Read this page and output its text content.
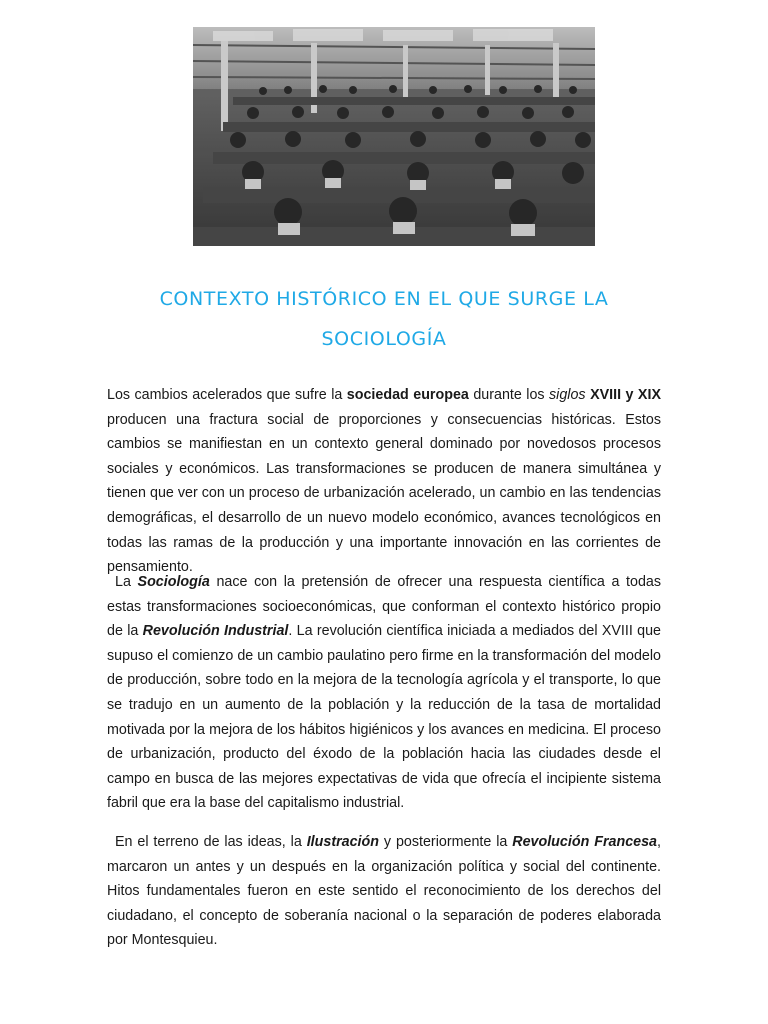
CONTEXTO HISTÓRICO EN EL QUE SURGE LA
SOCIOLOGÍA

Los cambios acelerados que sufre la sociedad europea durante los siglos XVIII y XIX producen una fractura social de proporciones y consecuencias históricas. Estos cambios se manifiestan en un contexto general dominado por novedosos procesos sociales y económicos. Las transformaciones se producen de manera simultánea y tienen que ver con un proceso de urbanización acelerado, un cambio en las tendencias demográficas, el desarrollo de un nuevo modelo económico, avances tecnológicos en todas las ramas de la producción y una importante innovación en las corrientes de pensamiento.

La Sociología nace con la pretensión de ofrecer una respuesta científica a todas estas transformaciones socioeconómicas, que conforman el contexto histórico propio de la Revolución Industrial. La revolución científica iniciada a mediados del XVIII que supuso el comienzo de un cambio paulatino pero firme en la transformación del modelo de producción, sobre todo en la mejora de la tecnología agrícola y el transporte, lo que se tradujo en un aumento de la población y la reducción de la tasa de mortalidad motivada por la mejora de los hábitos higiénicos y los avances en medicina. El proceso de urbanización, producto del éxodo de la población hacia las ciudades desde el campo en busca de las mejores expectativas de vida que ofrecía el incipiente sistema fabril que era la base del capitalismo industrial.

En el terreno de las ideas, la Ilustración y posteriormente la Revolución Francesa, marcaron un antes y un después en la organización política y social del continente. Hitos fundamentales fueron en este sentido el reconocimiento de los derechos del ciudadano, el concepto de soberanía nacional o la separación de poderes elaborada por Montesquieu.
